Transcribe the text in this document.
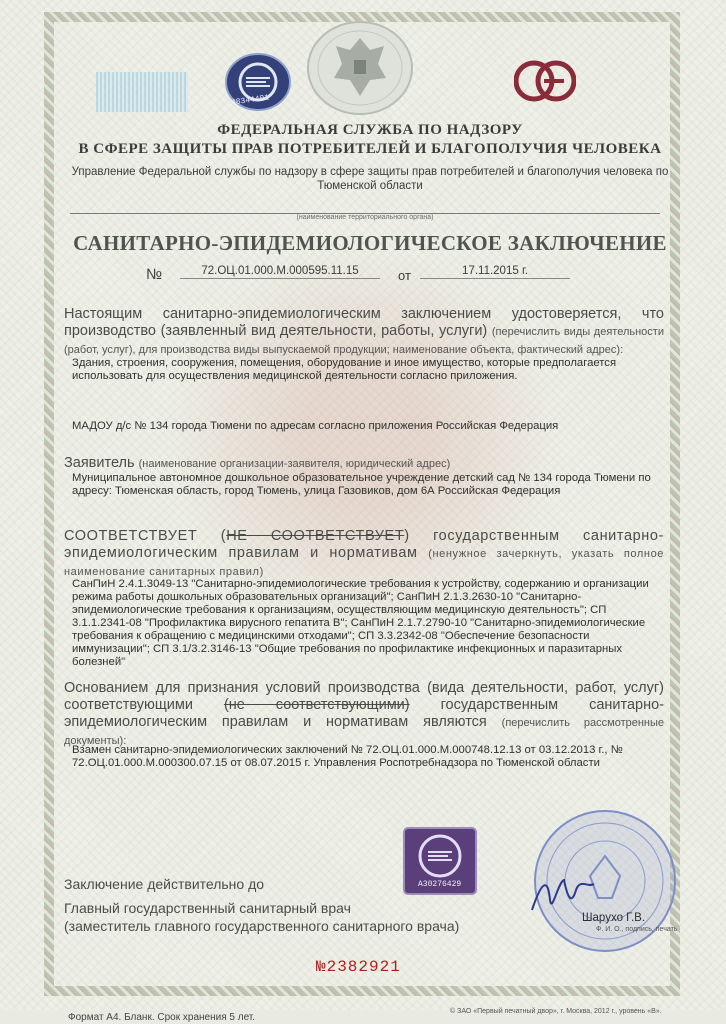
48344401
ФЕДЕРАЛЬНАЯ СЛУЖБА ПО НАДЗОРУ
В СФЕРЕ ЗАЩИТЫ ПРАВ ПОТРЕБИТЕЛЕЙ И БЛАГОПОЛУЧИЯ ЧЕЛОВЕКА
Управление Федеральной службы по надзору в сфере защиты прав потребителей и благополучия человека по Тюменской области
(наименование территориального органа)
САНИТАРНО-ЭПИДЕМИОЛОГИЧЕСКОЕ ЗАКЛЮЧЕНИЕ
№	72.ОЦ.01.000.М.000595.11.15	от	17.11.2015 г.
Настоящим санитарно-эпидемиологическим заключением удостоверяется, что производство (заявленный вид деятельности, работы, услуги) (перечислить виды деятельности (работ, услуг), для производства виды выпускаемой продукции; наименование объекта, фактический адрес):
Здания, строения, сооружения, помещения, оборудование и иное имущество, которые предполагается использовать для осуществления медицинской деятельности согласно приложения.
МАДОУ д/с № 134 города Тюмени по адресам согласно приложения Российская Федерация
Заявитель (наименование организации-заявителя, юридический адрес)
Муниципальное автономное дошкольное образовательное учреждение детский сад № 134 города Тюмени по адресу: Тюменская область, город Тюмень, улица Газовиков, дом 6А Российская Федерация
СООТВЕТСТВУЕТ (НЕ СООТВЕТСТВУЕТ) государственным санитарно-эпидемиологическим правилам и нормативам (ненужное зачеркнуть, указать полное наименование санитарных правил)
СанПиН 2.4.1.3049-13 "Санитарно-эпидемиологические требования к устройству, содержанию и организации режима работы дошкольных образовательных организаций"; СанПиН 2.1.3.2630-10 "Санитарно-эпидемиологические требования к организациям, осуществляющим медицинскую деятельность"; СП 3.1.1.2341-08 "Профилактика вирусного гепатита В"; СанПиН 2.1.7.2790-10 "Санитарно-эпидемиологические требования к обращению с медицинскими отходами"; СП 3.3.2342-08 "Обеспечение безопасности иммунизации"; СП 3.1/3.2.3146-13 "Общие требования по профилактике инфекционных и паразитарных болезней"
Основанием для признания условий производства (вида деятельности, работ, услуг) соответствующими (не соответствующими) государственным санитарно-эпидемиологическим правилам и нормативам являются (перечислить рассмотренные документы):
Взамен санитарно-эпидемиологических заключений № 72.ОЦ.01.000.М.000748.12.13 от 03.12.2013 г., № 72.ОЦ.01.000.М.000300.07.15 от 08.07.2015 г. Управления Роспотребнадзора по Тюменской области
А30276429
Заключение действительно до
Главный государственный санитарный врач
(заместитель главного государственного санитарного врача)	Шарухо Г.В.
Ф. И. О., подпись, печать
№2382921
© ЗАО «Первый печатный двор», г. Москва, 2012 г., уровень «В».
Формат А4. Бланк. Срок хранения 5 лет.
